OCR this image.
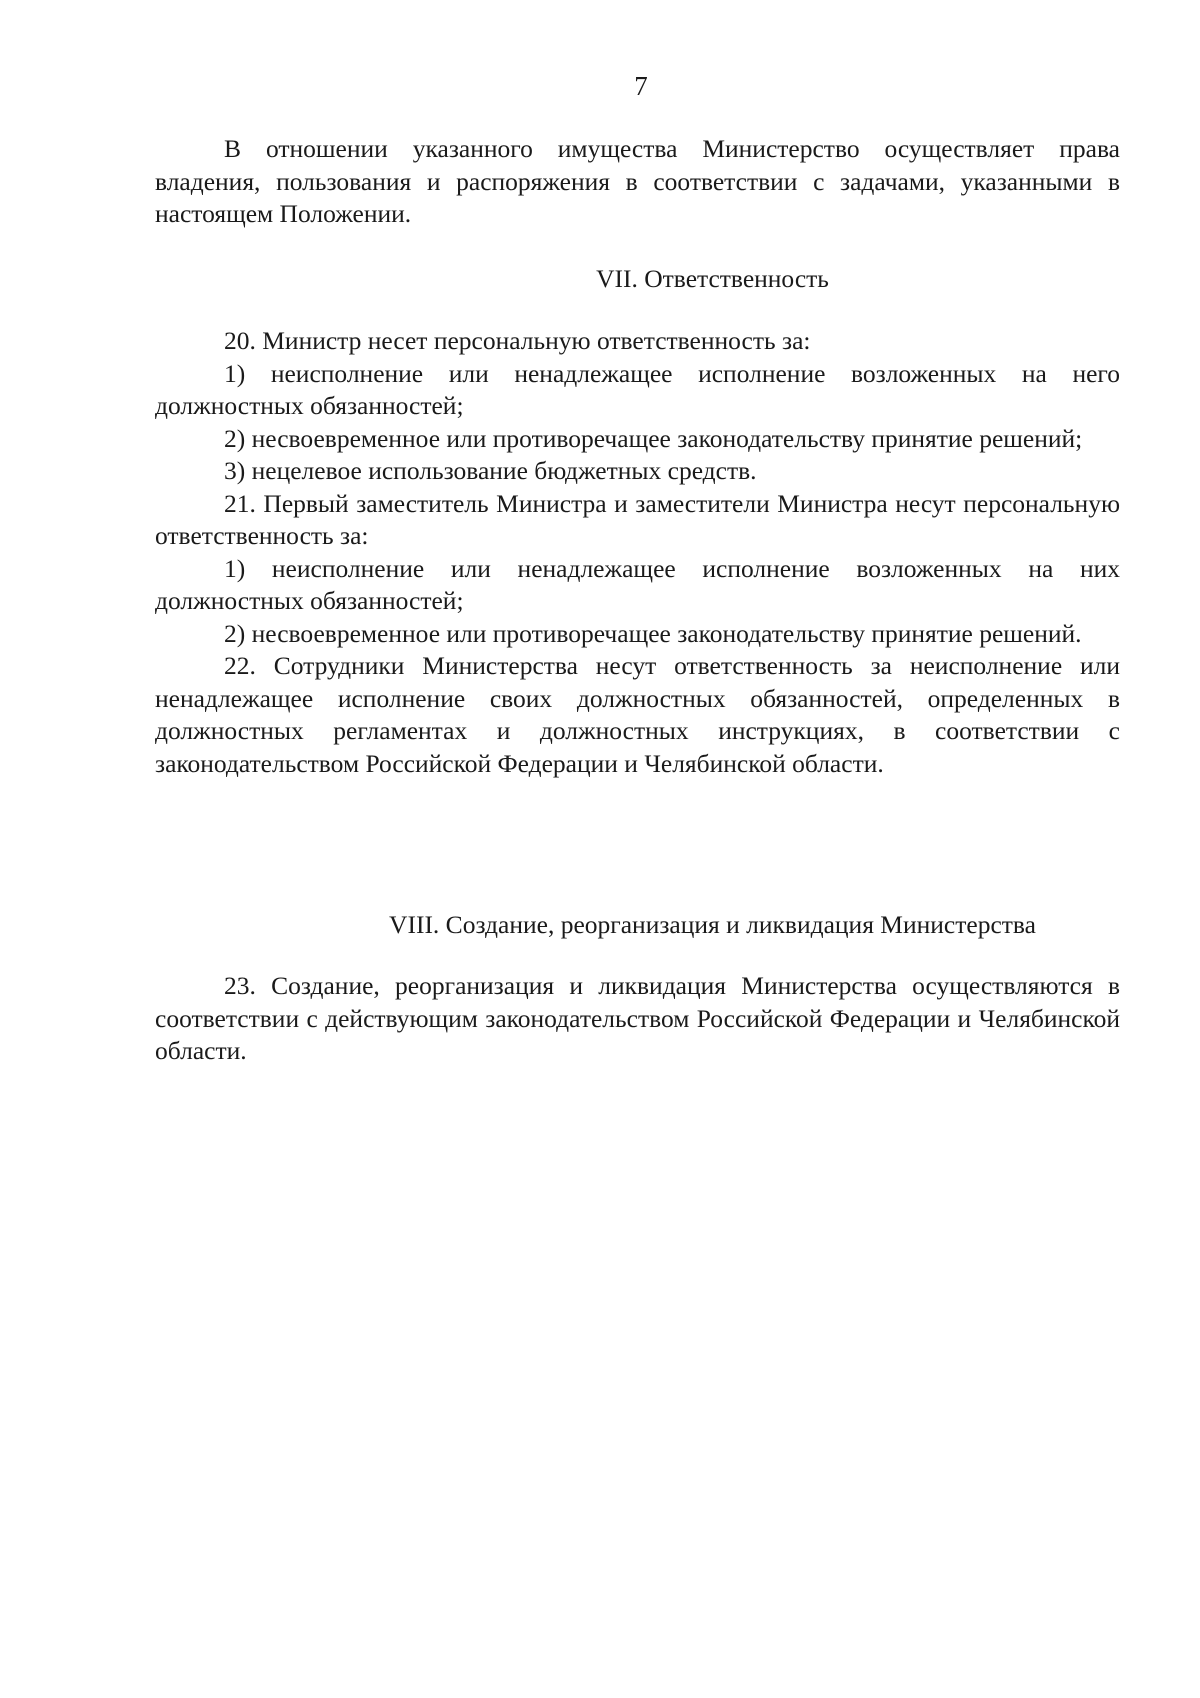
7

В отношении указанного имущества Министерство осуществляет права владения, пользования и распоряжения в соответствии с задачами, указанными в настоящем Положении.

VII. Ответственность

20. Министр несет персональную ответственность за:

1) неисполнение или ненадлежащее исполнение возложенных на него должностных обязанностей;

2) несвоевременное или противоречащее законодательству принятие решений;

3) нецелевое использование бюджетных средств.

21. Первый заместитель Министра и заместители Министра несут персональную ответственность за:

1) неисполнение или ненадлежащее исполнение возложенных на них должностных обязанностей;

2) несвоевременное или противоречащее законодательству принятие решений.

22. Сотрудники Министерства несут ответственность за неисполнение или ненадлежащее исполнение своих должностных обязанностей, определенных в должностных регламентах и должностных инструкциях, в соответствии с законодательством Российской Федерации и Челябинской области.

VIII. Создание, реорганизация и ликвидация Министерства

23. Создание, реорганизация и ликвидация Министерства осуществляются в соответствии с действующим законодательством Российской Федерации и Челябинской области.
